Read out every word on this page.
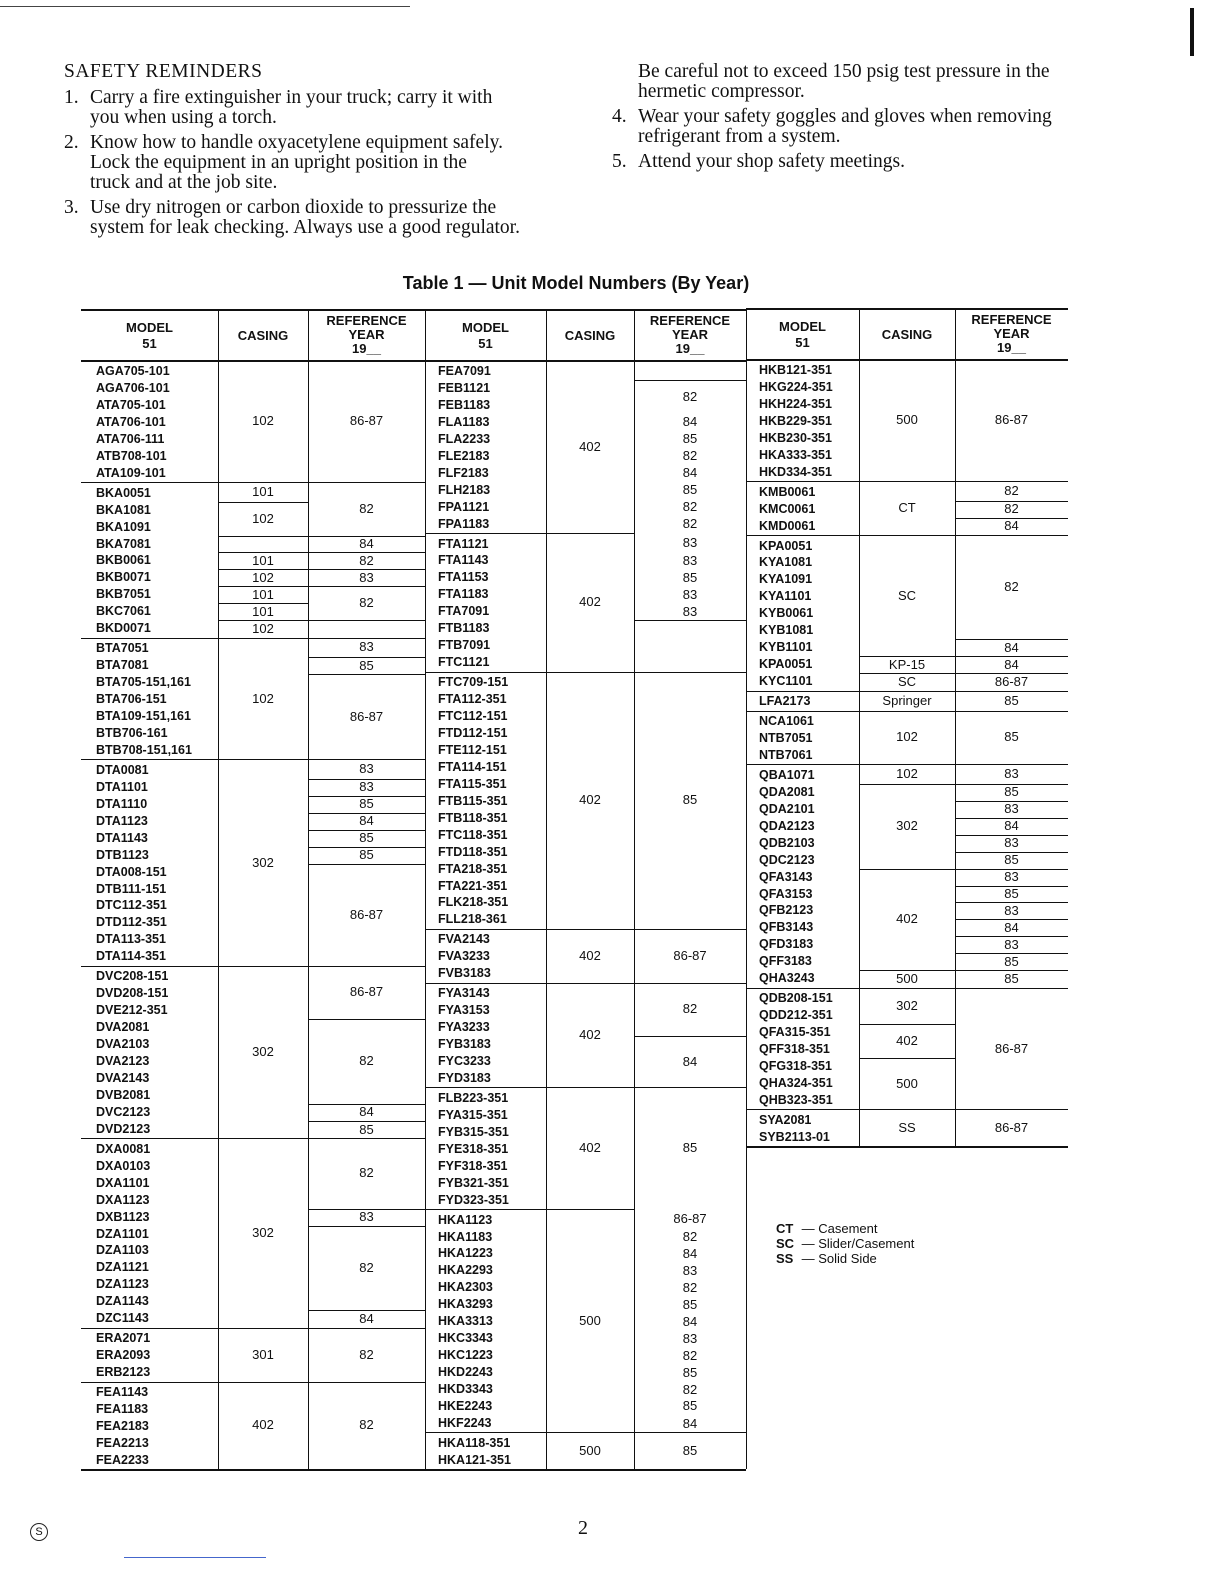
SAFETY REMINDERS
1. Carry a fire extinguisher in your truck; carry it with
you when using a torch.
2. Know how to handle oxyacetylene equipment safely.
Lock the equipment in an upright position in the
truck and at the job site.
3. Use dry nitrogen or carbon dioxide to pressurize the
system for leak checking. Always use a good regulator.
Be careful not to exceed 150 psig test pressure in the
hermetic compressor.
4. Wear your safety goggles and gloves when removing
refrigerant from a system.
5. Attend your shop safety meetings.
Table 1 — Unit Model Numbers (By Year)
MODEL
51
CASING
REFERENCE
YEAR
19__
MODEL
51
CASING
REFERENCE
YEAR
19__
MODEL
51
CASING
REFERENCE
YEAR
19__
AGA705-101
AGA706-101
ATA705-101
ATA706-101
ATA706-111
ATB708-101
ATA109-101
BKA0051
BKA1081
BKA1091
BKA7081
BKB0061
BKB0071
BKB7051
BKC7061
BKD0071
BTA7051
BTA7081
BTA705-151,161
BTA706-151
BTA109-151,161
BTB706-161
BTB708-151,161
DTA0081
DTA1101
DTA1110
DTA1123
DTA1143
DTB1123
DTA008-151
DTB111-151
DTC112-351
DTD112-351
DTA113-351
DTA114-351
DVC208-151
DVD208-151
DVE212-351
DVA2081
DVA2103
DVA2123
DVA2143
DVB2081
DVC2123
DVD2123
DXA0081
DXA0103
DXA1101
DXA1123
DXB1123
DZA1101
DZA1103
DZA1121
DZA1123
DZA1143
DZC1143
ERA2071
ERA2093
ERB2123
FEA1143
FEA1183
FEA2183
FEA2213
FEA2233
102
101
102
101
102
101
101
102
102
302
302
302
301
402
86-87
82
84
82
83
82
83
85
86-87
83
83
85
84
85
85
86-87
86-87
82
84
85
82
83
82
84
82
82
FEA7091
FEB1121
FEB1183
FLA1183
FLA2233
FLE2183
FLF2183
FLH2183
FPA1121
FPA1183
FTA1121
FTA1143
FTA1153
FTA1183
FTA7091
FTB1183
FTB7091
FTC1121
FTC709-151
FTA112-351
FTC112-151
FTD112-151
FTE112-151
FTA114-151
FTA115-351
FTB115-351
FTB118-351
FTC118-351
FTD118-351
FTA218-351
FTA221-351
FLK218-351
FLL218-361
FVA2143
FVA3233
FVB3183
FYA3143
FYA3153
FYA3233
FYB3183
FYC3233
FYD3183
FLB223-351
FYA315-351
FYB315-351
FYE318-351
FYF318-351
FYB321-351
FYD323-351
HKA1123
HKA1183
HKA1223
HKA2293
HKA2303
HKA3293
HKA3313
HKC3343
HKC1223
HKD2243
HKD3343
HKE2243
HKF2243
HKA118-351
HKA121-351
402
402
402
402
402
402
500
500
82
84
85
82
84
85
82
82
83
83
85
83
83
85
86-87
82
84
85
86-87
82
84
83
82
85
84
83
82
85
82
85
84
85
HKB121-351
HKG224-351
HKH224-351
HKB229-351
HKB230-351
HKA333-351
HKD334-351
KMB0061
KMC0061
KMD0061
KPA0051
KYA1081
KYA1091
KYA1101
KYB0061
KYB1081
KYB1101
KPA0051
KYC1101
LFA2173
NCA1061
NTB7051
NTB7061
QBA1071
QDA2081
QDA2101
QDA2123
QDB2103
QDC2123
QFA3143
QFA3153
QFB2123
QFB3143
QFD3183
QFF3183
QHA3243
QDB208-151
QDD212-351
QFA315-351
QFF318-351
QFG318-351
QHA324-351
QHB323-351
SYA2081
SYB2113-01
500
CT
SC
KP-15
SC
Springer
102
102
302
402
500
302
402
500
SS
86-87
82
82
84
82
84
84
86-87
85
85
83
85
83
84
83
85
83
85
83
84
83
85
85
86-87
86-87
CT — Casement
SC — Slider/Casement
SS — Solid Side
S	2
